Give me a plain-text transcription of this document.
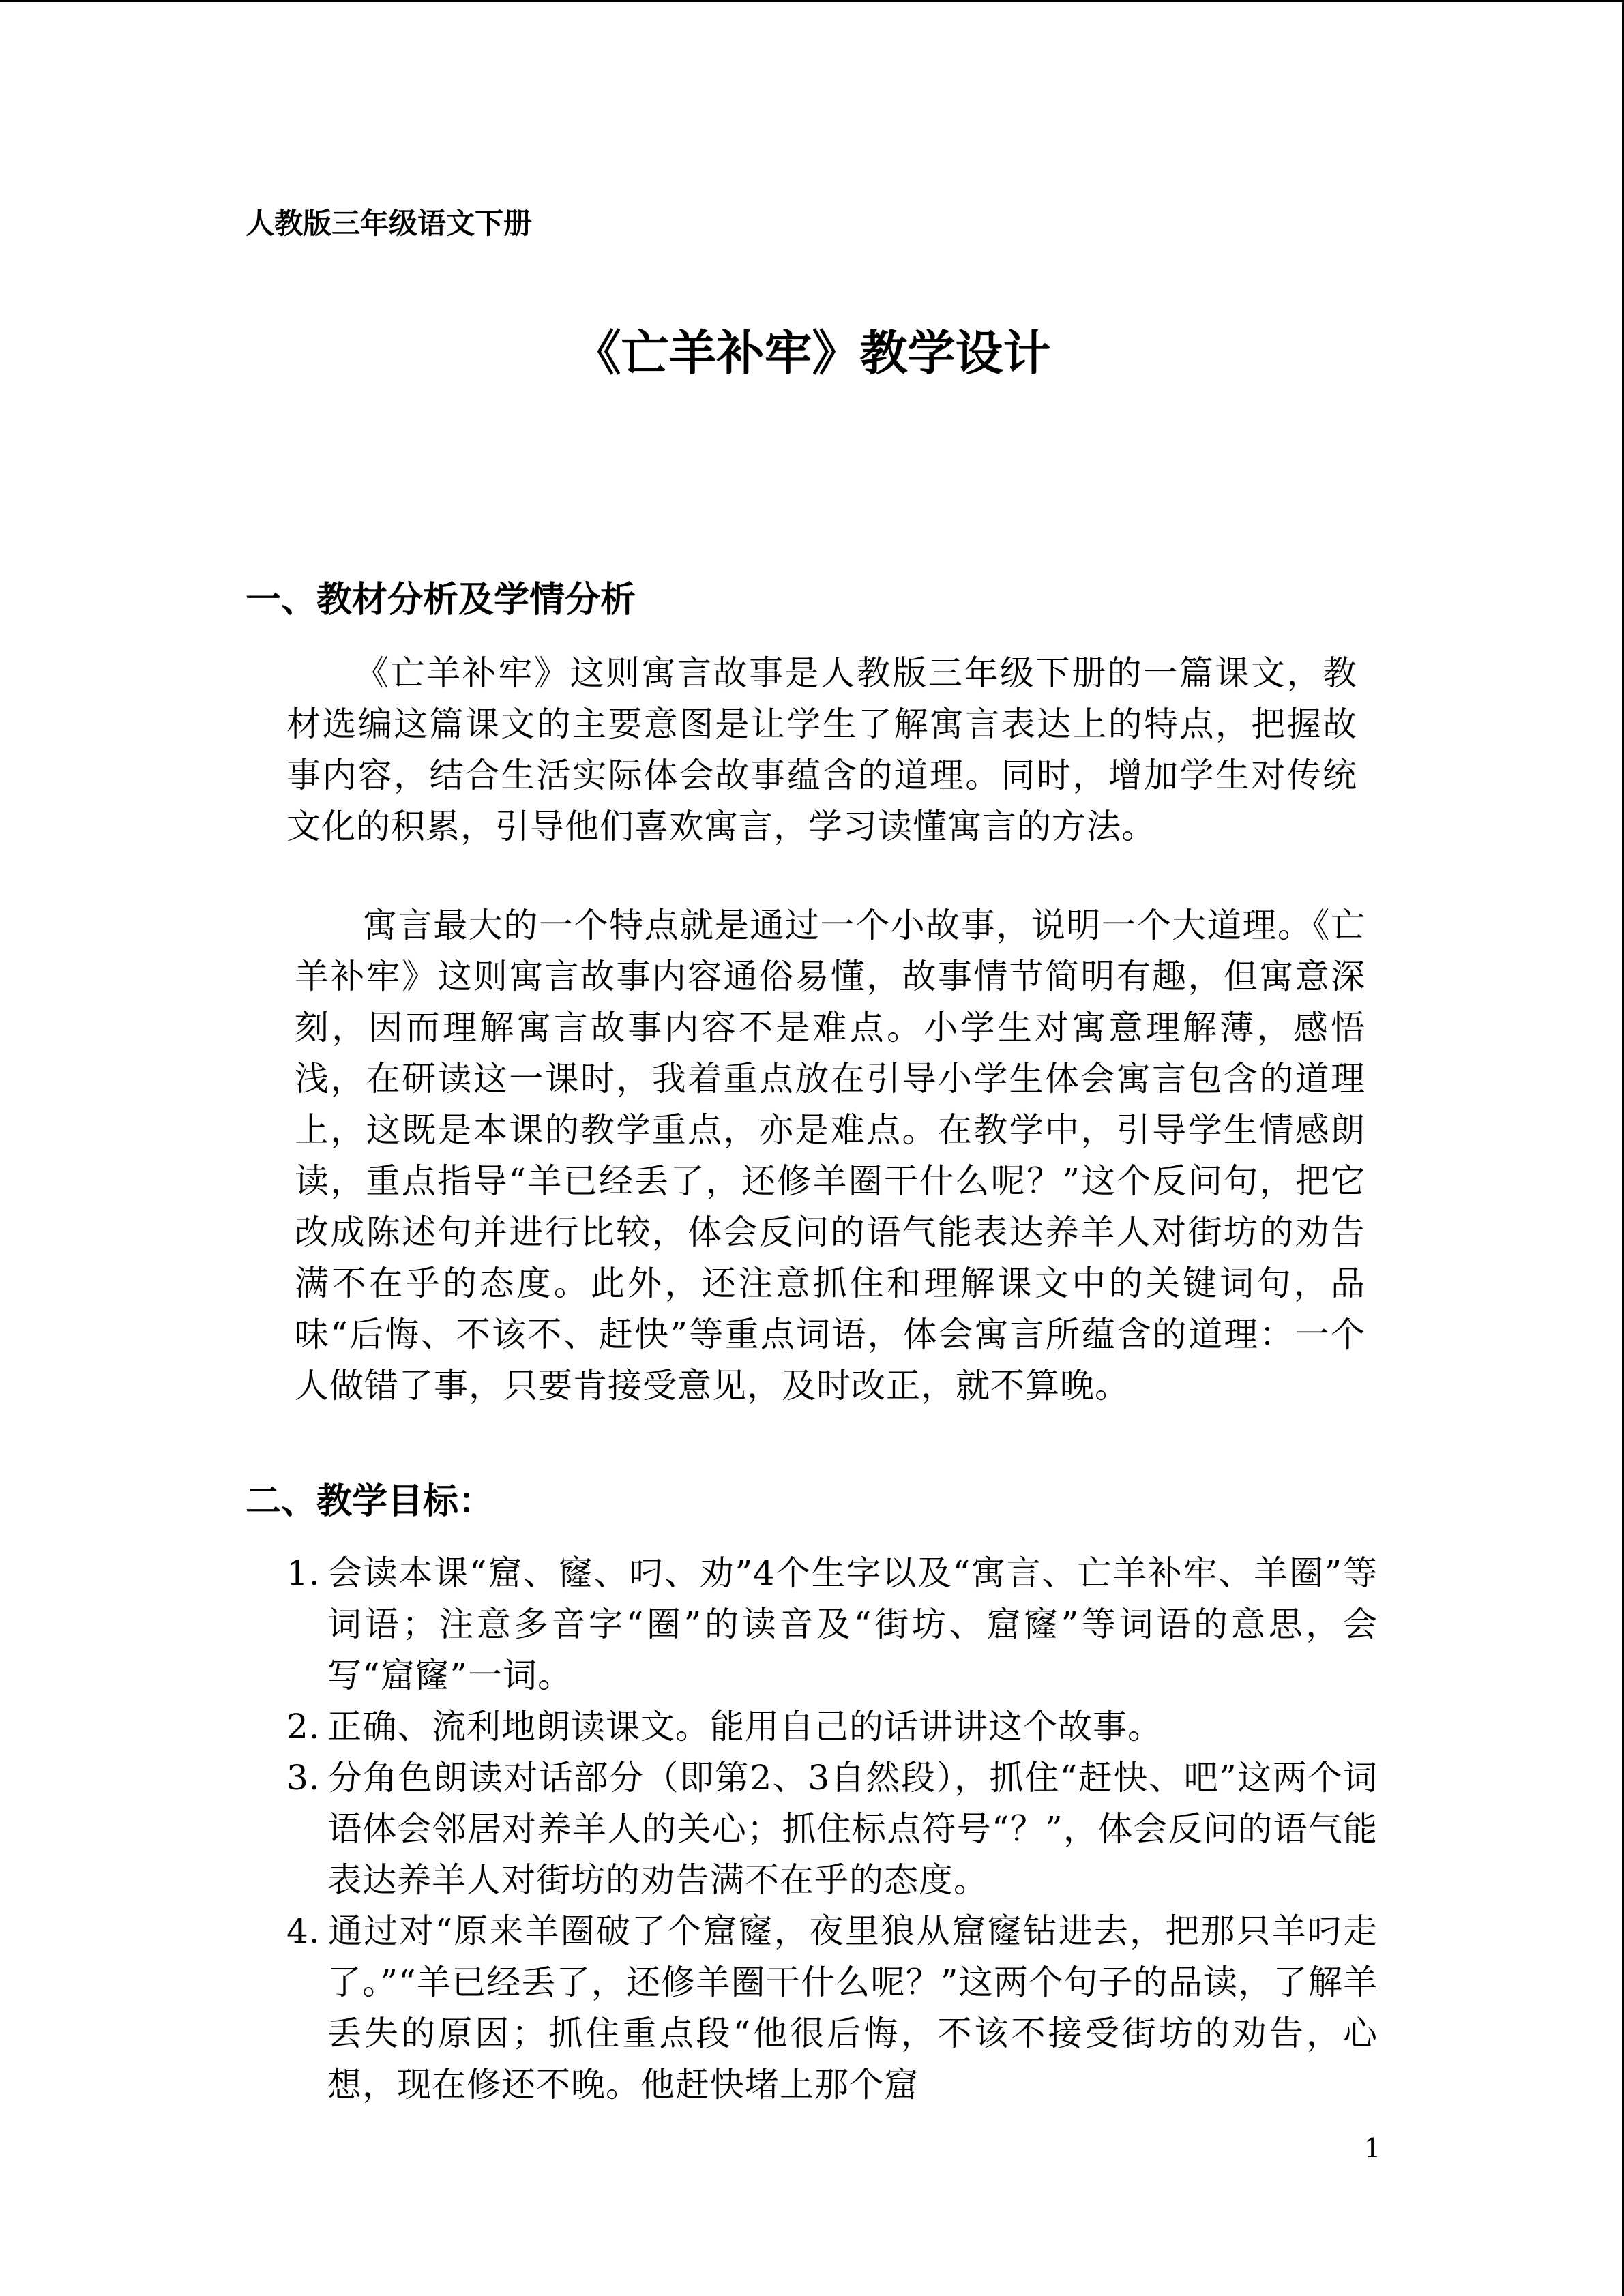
人教版三年级语文下册
《亡羊补牢》教学设计
一、教材分析及学情分析

《亡羊补牢》这则寓言故事是人教版三年级下册的一篇课文，教材选编这篇课文的主要意图是让学生了解寓言表达上的特点，把握故事内容，结合生活实际体会故事蕴含的道理。同时，增加学生对传统文化的积累，引导他们喜欢寓言，学习读懂寓言的方法。

寓言最大的一个特点就是通过一个小故事，说明一个大道理。《亡羊补牢》这则寓言故事内容通俗易懂，故事情节简明有趣，但寓意深刻，因而理解寓言故事内容不是难点。小学生对寓意理解薄，感悟浅，在研读这一课时，我着重点放在引导小学生体会寓言包含的道理上，这既是本课的教学重点，亦是难点。在教学中，引导学生情感朗读，重点指导“羊已经丢了，还修羊圈干什么呢？”这个反问句，把它改成陈述句并进行比较，体会反问的语气能表达养羊人对街坊的劝告满不在乎的态度。此外，还注意抓住和理解课文中的关键词句，品味“后悔、不该不、赶快”等重点词语，体会寓言所蕴含的道理：一个人做错了事，只要肯接受意见，及时改正，就不算晚。

二、教学目标：
1. 会读本课“窟、窿、叼、劝”4个生字以及“寓言、亡羊补牢、羊圈”等词语；注意多音字“圈”的读音及“街坊、窟窿”等词语的意思，会写“窟窿”一词。
2. 正确、流利地朗读课文。能用自己的话讲讲这个故事。
3. 分角色朗读对话部分（即第2、3自然段），抓住“赶快、吧”这两个词语体会邻居对养羊人的关心；抓住标点符号“？”，体会反问的语气能表达养羊人对街坊的劝告满不在乎的态度。
4. 通过对“原来羊圈破了个窟窿，夜里狼从窟窿钻进去，把那只羊叼走了。”“羊已经丢了，还修羊圈干什么呢？”这两个句子的品读，了解羊丢失的原因；抓住重点段“他很后悔，不该不接受街坊的劝告，心想，现在修还不晚。他赶快堵上那个窟
1
